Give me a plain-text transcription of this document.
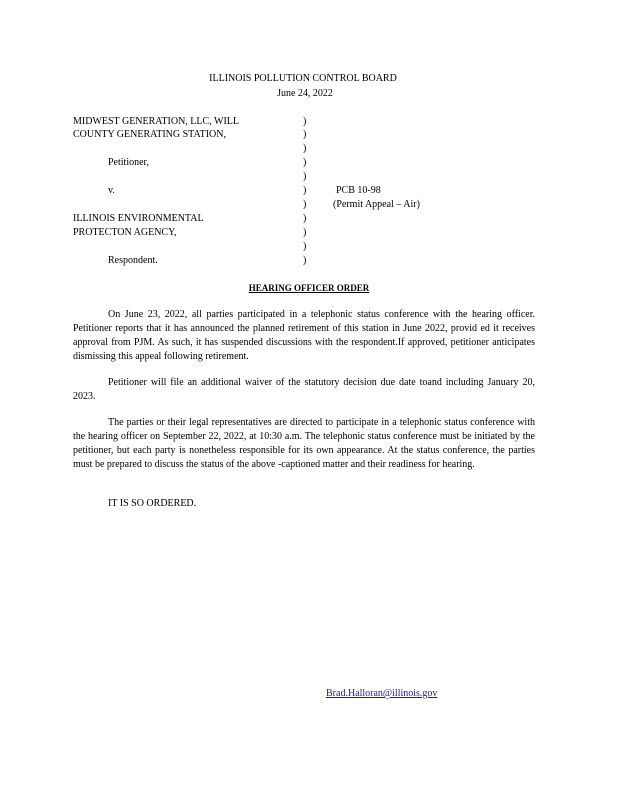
ILLINOIS POLLUTION CONTROL BOARD
June 24, 2022
MIDWEST GENERATION, LLC, WILL
COUNTY GENERATING STATION,
Petitioner,
v.
ILLINOIS ENVIRONMENTAL
PROTECTON AGENCY,
Respondent.
)
)
)
)
)
)
)
)
)
)
)
PCB 10-98
(Permit Appeal – Air)
HEARING OFFICER ORDER
On June 23, 2022, all parties participated in a telephonic status conference with the hearing officer. Petitioner reports that it has announced the planned retirement of this station in June 2022, provid ed it receives approval from PJM. As such, it has suspended discussions with the respondent.If approved, petitioner anticipates dismissing this appeal following retirement.
Petitioner will file an additional waiver of the statutory decision due date toand including January 20, 2023.
The parties or their legal representatives are directed to participate in a telephonic status conference with the hearing officer on September 22, 2022, at 10:30 a.m. The telephonic status conference must be initiated by the petitioner, but each party is nonetheless responsible for its own appearance. At the status conference, the parties must be prepared to discuss the status of the above -captioned matter and their readiness for hearing.
IT IS SO ORDERED.
Brad.Halloran@illinois.gov
